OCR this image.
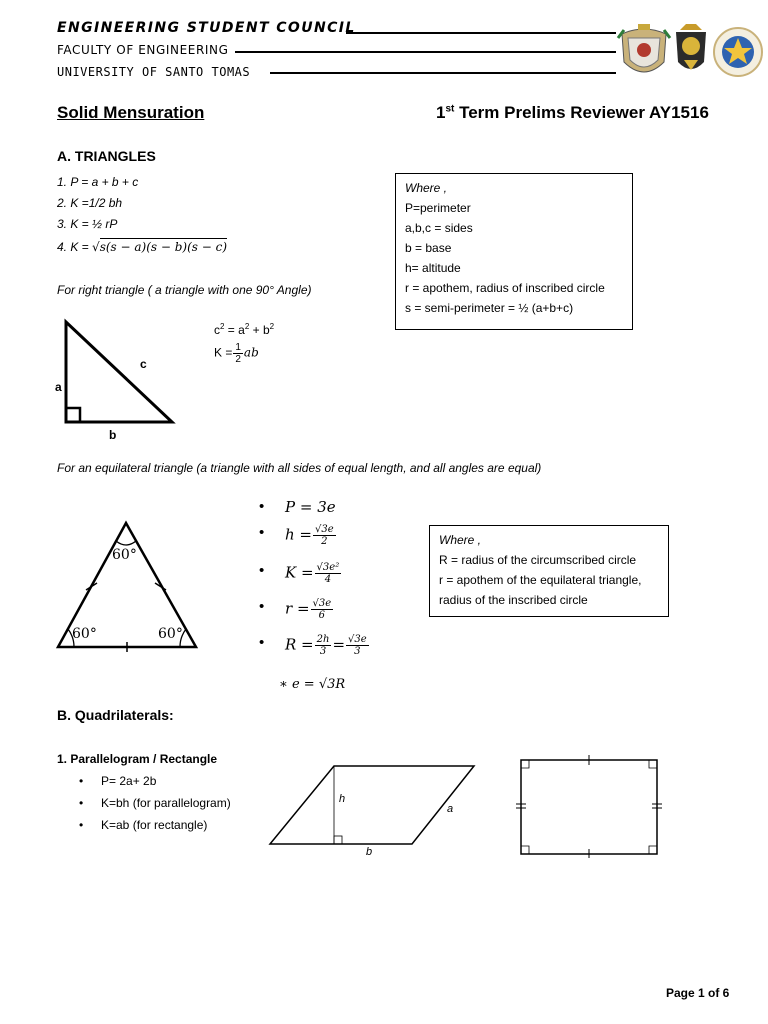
ENGINEERING STUDENT COUNCIL
FACULTY OF ENGINEERING
UNIVERSITY OF SANTO TOMAS
Solid Mensuration	1st Term Prelims Reviewer AY1516
A. TRIANGLES
1. P = a + b + c
2. K =1/2 bh
3. K = ½ rP
4. K = √s(s − a)(s − b)(s − c)
Where ,
P=perimeter
a,b,c = sides
b = base
h= altitude
r = apothem, radius of inscribed circle
s = semi-perimeter = ½ (a+b+c)
For right triangle ( a triangle with one 90° Angle)
a
b
c
$c^2 = a^2 + b^2$
$K = \frac{1}{2}$ ab
For an equilateral triangle (a triangle with all sides of equal length, and all angles are equal)
60°
60°	60°
• P = 3e
• $h = \frac{√3e}{2}$
• $K = \frac{\text{√3e²}}{4}$
• $r = \frac{√3e}{6}$
• $R = \frac{2h}{3} = \frac{√3e}{3}$
∗ e = √3R
Where ,
R = radius of the circumscribed circle
r = apothem of the equilateral triangle,
radius of the inscribed circle
B. Quadrilaterals:
1. Parallelogram / Rectangle
• P= 2a+ 2b
• K=bh (for parallelogram)
• K=ab (for rectangle)
h
a
b
Page 1 of 6
